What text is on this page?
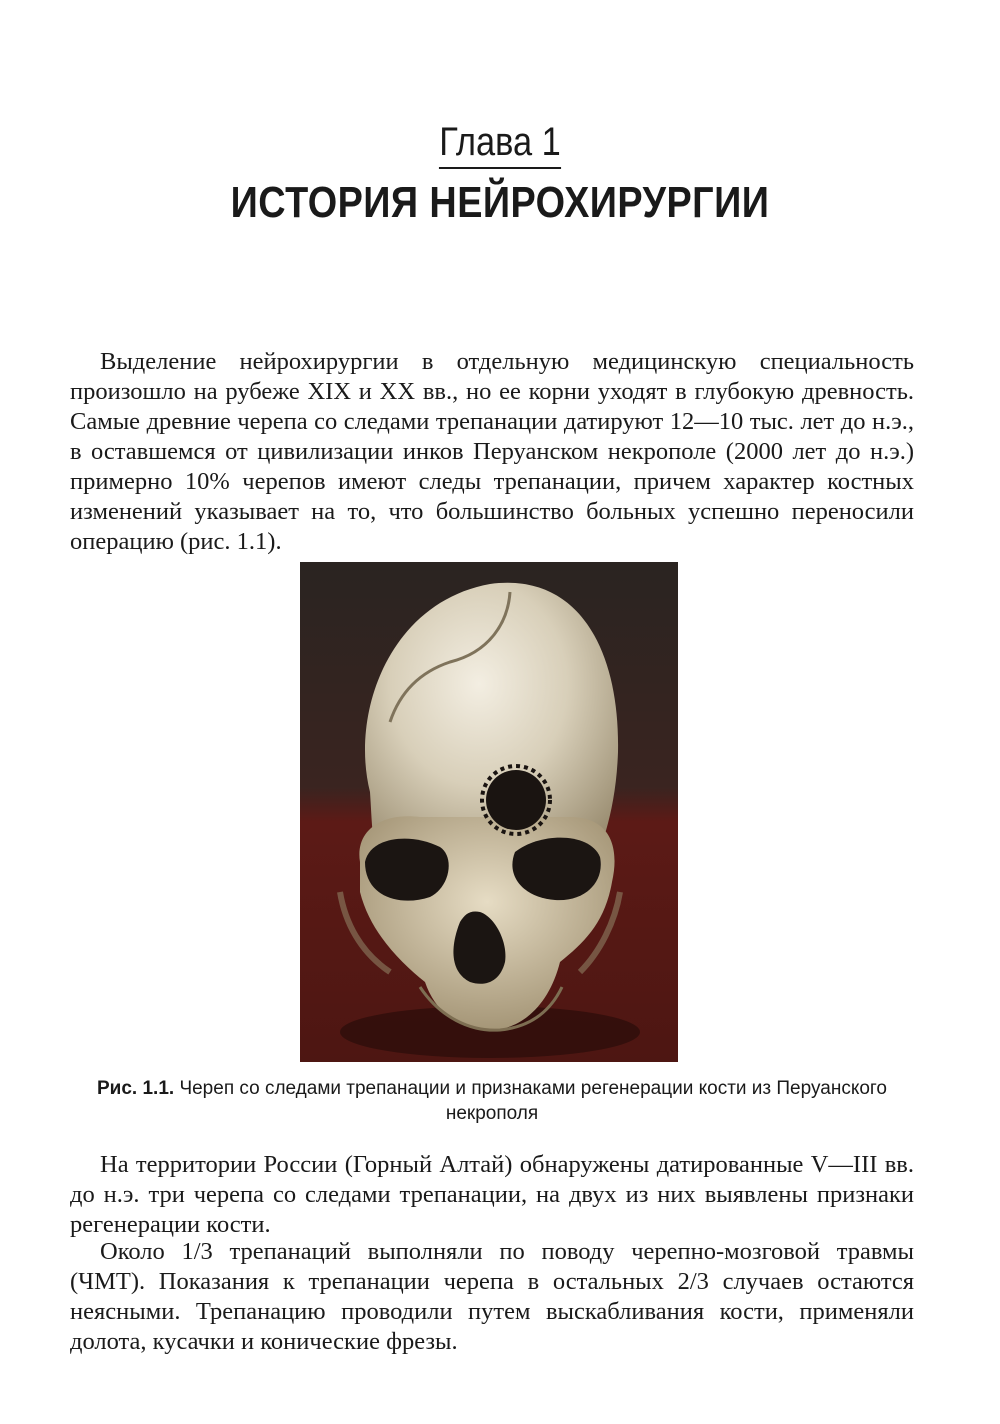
Глава 1
ИСТОРИЯ НЕЙРОХИРУРГИИ

Выделение нейрохирургии в отдельную медицинскую специальность произошло на рубеже XIX и XX вв., но ее корни уходят в глубокую древность. Самые древние черепа со следами трепанации датируют 12—10 тыс. лет до н.э., в оставшемся от цивилизации инков Перуанском некрополе (2000 лет до н.э.) примерно 10% черепов имеют следы трепанации, причем характер костных изменений указывает на то, что большинство больных успешно переносили операцию (рис. 1.1).

Рис. 1.1. Череп со следами трепанации и признаками регенерации кости из Перуанского некрополя

На территории России (Горный Алтай) обнаружены датированные V—III вв. до н.э. три черепа со следами трепанации, на двух из них выявлены признаки регенерации кости.

Около 1/3 трепанаций выполняли по поводу черепно-мозговой травмы (ЧМТ). Показания к трепанации черепа в остальных 2/3 случаев остаются неясными. Трепанацию проводили путем выскабливания кости, применяли долота, кусачки и конические фрезы.
